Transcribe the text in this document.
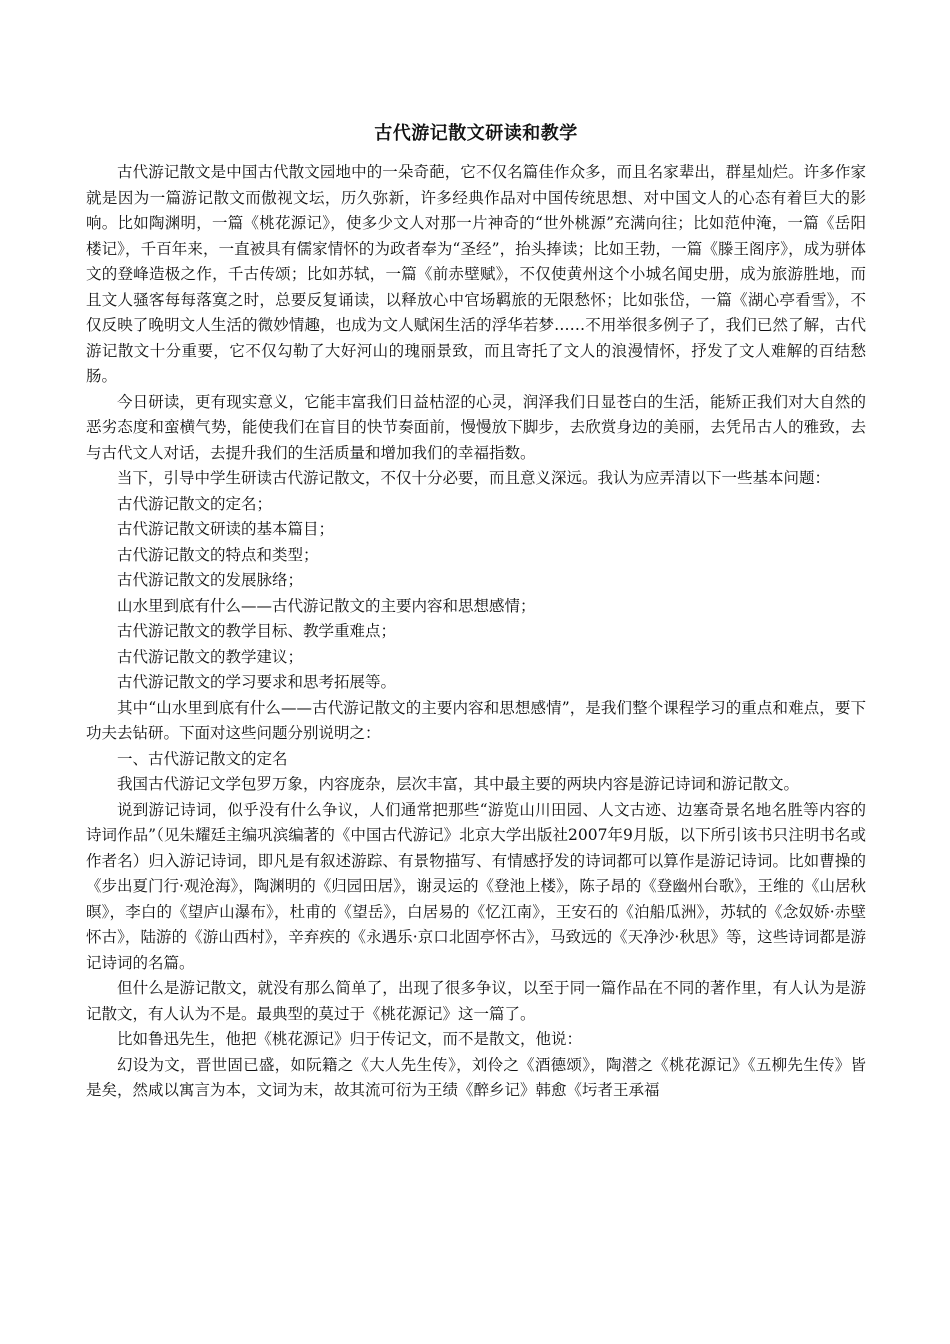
古代游记散文研读和教学

古代游记散文是中国古代散文园地中的一朵奇葩，它不仅名篇佳作众多，而且名家辈出，群星灿烂。许多作家就是因为一篇游记散文而傲视文坛，历久弥新，许多经典作品对中国传统思想、对中国文人的心态有着巨大的影响。比如陶渊明，一篇《桃花源记》，使多少文人对那一片神奇的“世外桃源”充满向往；比如范仲淹，一篇《岳阳楼记》，千百年来，一直被具有儒家情怀的为政者奉为“圣经”，抬头捧读；比如王勃，一篇《滕王阁序》，成为骈体文的登峰造极之作，千古传颂；比如苏轼，一篇《前赤壁赋》，不仅使黄州这个小城名闻史册，成为旅游胜地，而且文人骚客每每落寞之时，总要反复诵读，以释放心中官场羁旅的无限愁怀；比如张岱，一篇《湖心亭看雪》，不仅反映了晚明文人生活的微妙情趣，也成为文人赋闲生活的浮华若梦……不用举很多例子了，我们已然了解，古代游记散文十分重要，它不仅勾勒了大好河山的瑰丽景致，而且寄托了文人的浪漫情怀，抒发了文人难解的百结愁肠。

今日研读，更有现实意义，它能丰富我们日益枯涩的心灵，润泽我们日显苍白的生活，能矫正我们对大自然的恶劣态度和蛮横气势，能使我们在盲目的快节奏面前，慢慢放下脚步，去欣赏身边的美丽，去凭吊古人的雅致，去与古代文人对话，去提升我们的生活质量和增加我们的幸福指数。

当下，引导中学生研读古代游记散文，不仅十分必要，而且意义深远。我认为应弄清以下一些基本问题：

古代游记散文的定名；

古代游记散文研读的基本篇目；

古代游记散文的特点和类型；

古代游记散文的发展脉络；

山水里到底有什么——古代游记散文的主要内容和思想感情；

古代游记散文的教学目标、教学重难点；

古代游记散文的教学建议；

古代游记散文的学习要求和思考拓展等。

其中“山水里到底有什么——古代游记散文的主要内容和思想感情”，是我们整个课程学习的重点和难点，要下功夫去钻研。下面对这些问题分别说明之：

一、古代游记散文的定名

我国古代游记文学包罗万象，内容庞杂，层次丰富，其中最主要的两块内容是游记诗词和游记散文。

说到游记诗词，似乎没有什么争议，人们通常把那些“游览山川田园、人文古迹、边塞奇景名地名胜等内容的诗词作品”（见朱耀廷主编巩滨编著的《中国古代游记》北京大学出版社2007年9月版，以下所引该书只注明书名或作者名）归入游记诗词，即凡是有叙述游踪、有景物描写、有情感抒发的诗词都可以算作是游记诗词。比如曹操的《步出夏门行·观沧海》，陶渊明的《归园田居》，谢灵运的《登池上楼》，陈子昂的《登幽州台歌》，王维的《山居秋暝》，李白的《望庐山瀑布》，杜甫的《望岳》，白居易的《忆江南》，王安石的《泊船瓜洲》，苏轼的《念奴娇·赤壁怀古》，陆游的《游山西村》，辛弃疾的《永遇乐·京口北固亭怀古》，马致远的《天净沙·秋思》等，这些诗词都是游记诗词的名篇。

但什么是游记散文，就没有那么简单了，出现了很多争议，以至于同一篇作品在不同的著作里，有人认为是游记散文，有人认为不是。最典型的莫过于《桃花源记》这一篇了。

比如鲁迅先生，他把《桃花源记》归于传记文，而不是散文，他说：

幻设为文，晋世固已盛，如阮籍之《大人先生传》，刘伶之《酒德颂》，陶潜之《桃花源记》《五柳先生传》皆是矣，然咸以寓言为本，文词为末，故其流可衍为王绩《醉乡记》韩愈《圬者王承福
